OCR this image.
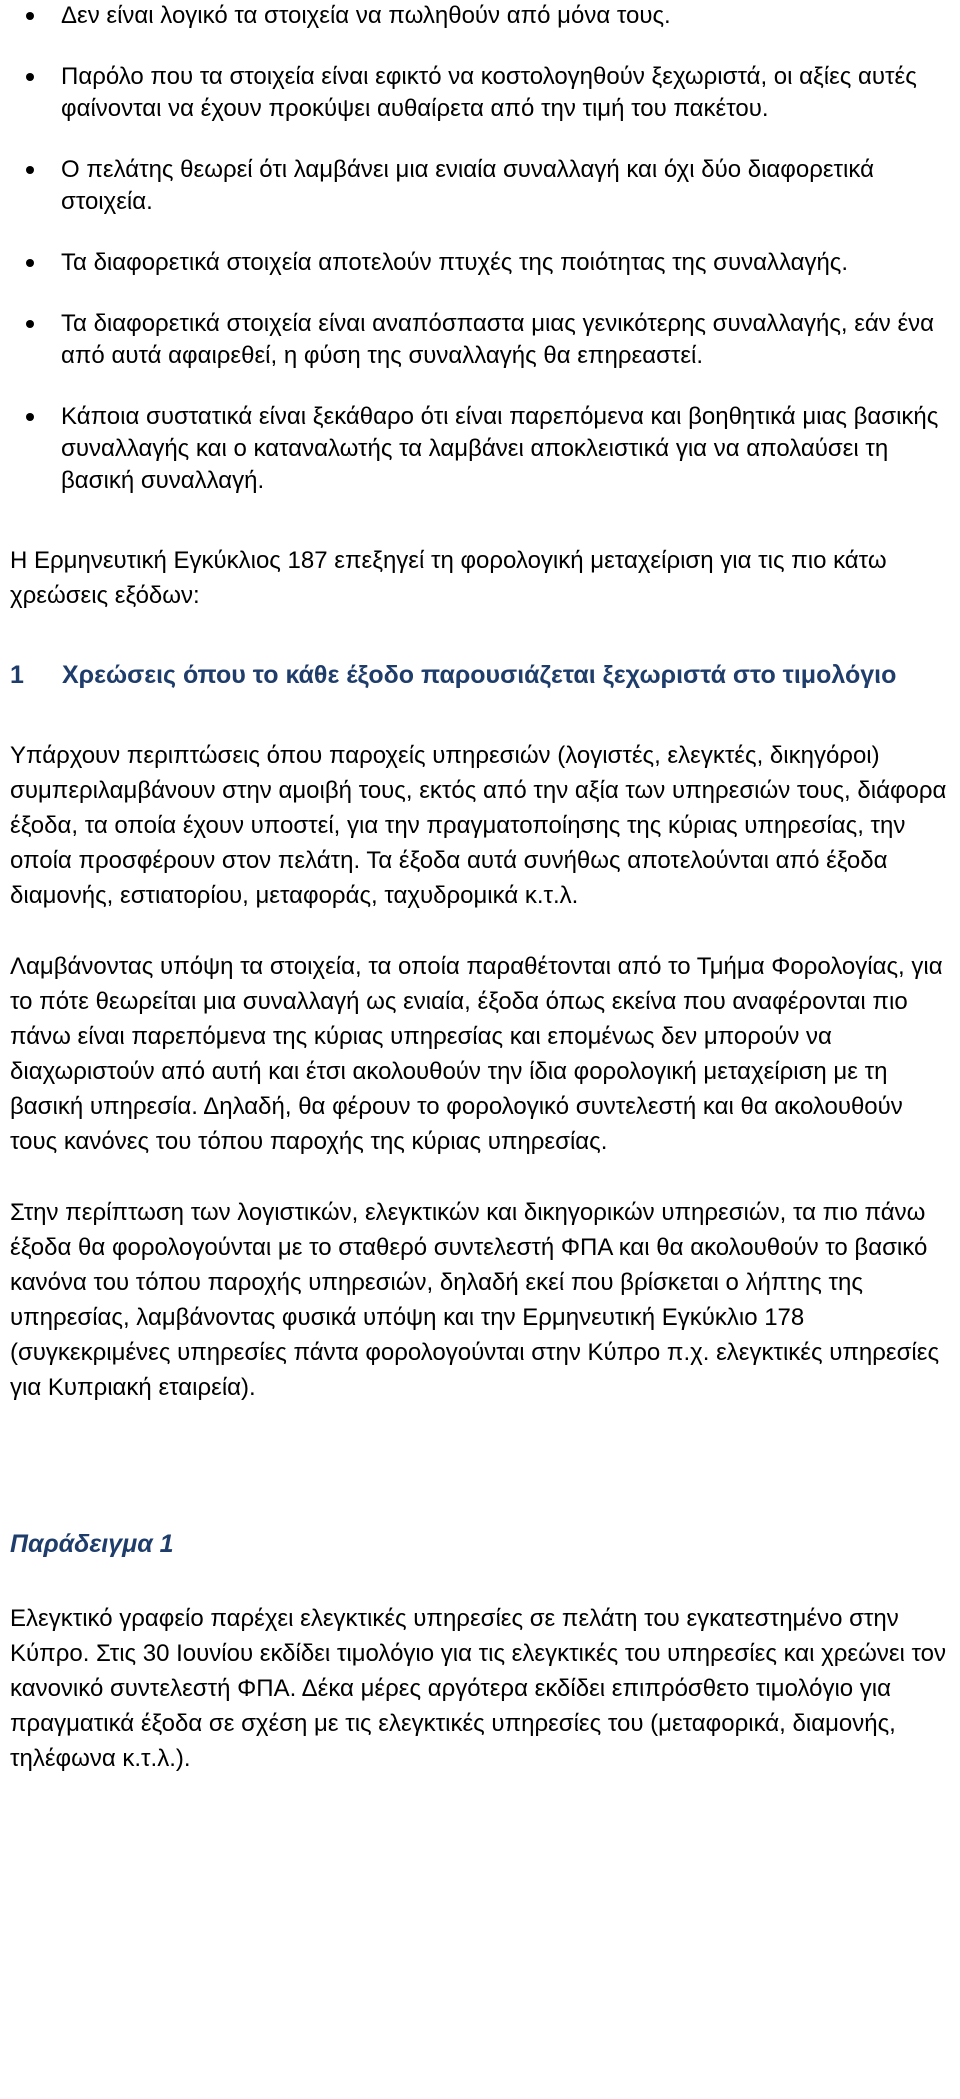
Δεν είναι λογικό τα στοιχεία να πωληθούν από μόνα τους.
Παρόλο που τα στοιχεία είναι εφικτό να κοστολογηθούν ξεχωριστά, οι αξίες αυτές φαίνονται να έχουν προκύψει αυθαίρετα από την τιμή του πακέτου.
Ο πελάτης θεωρεί ότι λαμβάνει μια ενιαία συναλλαγή και όχι δύο διαφορετικά στοιχεία.
Τα διαφορετικά στοιχεία αποτελούν πτυχές της ποιότητας της συναλλαγής.
Τα διαφορετικά στοιχεία είναι αναπόσπαστα μιας γενικότερης συναλλαγής, εάν ένα από αυτά αφαιρεθεί, η φύση της συναλλαγής θα επηρεαστεί.
Κάποια συστατικά είναι ξεκάθαρο ότι είναι παρεπόμενα και βοηθητικά μιας βασικής συναλλαγής και ο καταναλωτής τα λαμβάνει αποκλειστικά για να απολαύσει τη βασική συναλλαγή.

Η Ερμηνευτική Εγκύκλιος 187 επεξηγεί τη φορολογική μεταχείριση για τις πιο κάτω χρεώσεις εξόδων:

1	Χρεώσεις όπου το κάθε έξοδο παρουσιάζεται ξεχωριστά στο τιμολόγιο

Υπάρχουν περιπτώσεις όπου παροχείς υπηρεσιών (λογιστές, ελεγκτές, δικηγόροι) συμπεριλαμβάνουν στην αμοιβή τους, εκτός από την αξία των υπηρεσιών τους, διάφορα έξοδα, τα οποία έχουν υποστεί, για την πραγματοποίησης της κύριας υπηρεσίας, την οποία προσφέρουν στον πελάτη. Τα έξοδα αυτά συνήθως αποτελούνται από έξοδα διαμονής, εστιατορίου, μεταφοράς, ταχυδρομικά κ.τ.λ.

Λαμβάνοντας υπόψη τα στοιχεία, τα οποία παραθέτονται από το Τμήμα Φορολογίας, για το πότε θεωρείται μια συναλλαγή ως ενιαία, έξοδα όπως εκείνα που αναφέρονται πιο πάνω είναι παρεπόμενα της κύριας υπηρεσίας και επομένως δεν μπορούν να διαχωριστούν από αυτή και έτσι ακολουθούν την ίδια φορολογική μεταχείριση με τη βασική υπηρεσία. Δηλαδή, θα φέρουν το φορολογικό συντελεστή και θα ακολουθούν τους κανόνες του τόπου παροχής της κύριας υπηρεσίας.

Στην περίπτωση των λογιστικών, ελεγκτικών και δικηγορικών υπηρεσιών, τα πιο πάνω έξοδα θα φορολογούνται με το σταθερό συντελεστή ΦΠΑ και θα ακολουθούν το βασικό κανόνα του τόπου παροχής υπηρεσιών, δηλαδή εκεί που βρίσκεται ο λήπτης της υπηρεσίας, λαμβάνοντας φυσικά υπόψη και την Ερμηνευτική Εγκύκλιο 178 (συγκεκριμένες υπηρεσίες πάντα φορολογούνται στην Κύπρο π.χ. ελεγκτικές υπηρεσίες για Κυπριακή εταιρεία).

Παράδειγμα 1

Ελεγκτικό γραφείο παρέχει ελεγκτικές υπηρεσίες σε πελάτη του εγκατεστημένο στην Κύπρο. Στις 30 Ιουνίου εκδίδει τιμολόγιο για τις ελεγκτικές του υπηρεσίες και χρεώνει τον κανονικό συντελεστή ΦΠΑ. Δέκα μέρες αργότερα εκδίδει επιπρόσθετο τιμολόγιο για πραγματικά έξοδα σε σχέση με τις ελεγκτικές υπηρεσίες του (μεταφορικά, διαμονής, τηλέφωνα κ.τ.λ.).
